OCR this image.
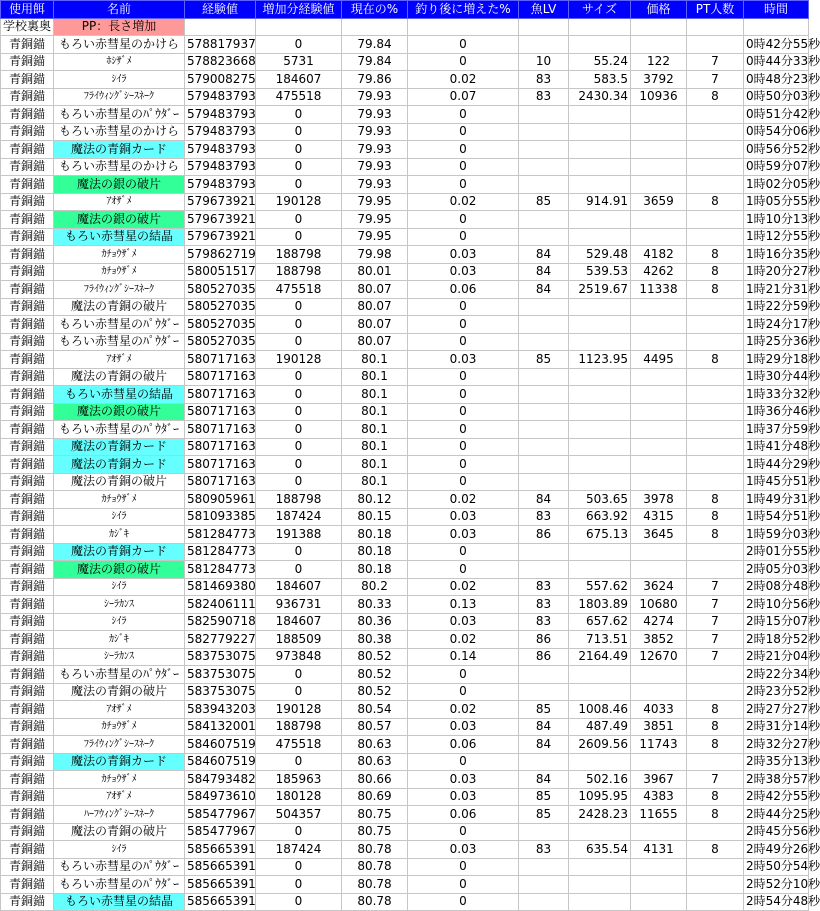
使用餌	名前	経験値	増加分経験値	現在の%	釣り後に増えた%	魚LV	サイズ	価格	PT人数	時間
学校裏奥	PP：長さ増加									
青銅錨	もろい赤彗星のかけら	578817937	0	79.84	0					0時42分55秒
青銅錨	ﾎｼｻﾞﾒ	578823668	5731	79.84	0	10	55.24	122	7	0時44分33秒
青銅錨	ｼｲﾗ	579008275	184607	79.86	0.02	83	583.5	3792	7	0時48分23秒
青銅錨	ﾌﾗｲｳｨﾝｸﾞｼｰｽﾈｰｸ	579483793	475518	79.93	0.07	83	2430.34	10936	8	0時50分03秒
青銅錨	もろい赤彗星のﾊﾟｳﾀﾞｰ	579483793	0	79.93	0					0時51分42秒
青銅錨	もろい赤彗星のかけら	579483793	0	79.93	0					0時54分06秒
青銅錨	魔法の青銅カード	579483793	0	79.93	0					0時56分52秒
青銅錨	もろい赤彗星のかけら	579483793	0	79.93	0					0時59分07秒
青銅錨	魔法の銀の破片	579483793	0	79.93	0					1時02分05秒
青銅錨	ｱｵｻﾞﾒ	579673921	190128	79.95	0.02	85	914.91	3659	8	1時05分55秒
青銅錨	魔法の銀の破片	579673921	0	79.95	0					1時10分13秒
青銅錨	もろい赤彗星の結晶	579673921	0	79.95	0					1時12分55秒
青銅錨	ｶﾁｮｳｻﾞﾒ	579862719	188798	79.98	0.03	84	529.48	4182	8	1時16分35秒
青銅錨	ｶﾁｮｳｻﾞﾒ	580051517	188798	80.01	0.03	84	539.53	4262	8	1時20分27秒
青銅錨	ﾌﾗｲｳｨﾝｸﾞｼｰｽﾈｰｸ	580527035	475518	80.07	0.06	84	2519.67	11338	8	1時21分31秒
青銅錨	魔法の青銅の破片	580527035	0	80.07	0					1時22分59秒
青銅錨	もろい赤彗星のﾊﾟｳﾀﾞｰ	580527035	0	80.07	0					1時24分17秒
青銅錨	もろい赤彗星のﾊﾟｳﾀﾞｰ	580527035	0	80.07	0					1時25分36秒
青銅錨	ｱｵｻﾞﾒ	580717163	190128	80.1	0.03	85	1123.95	4495	8	1時29分18秒
青銅錨	魔法の青銅の破片	580717163	0	80.1	0					1時30分44秒
青銅錨	もろい赤彗星の結晶	580717163	0	80.1	0					1時33分32秒
青銅錨	魔法の銀の破片	580717163	0	80.1	0					1時36分46秒
青銅錨	もろい赤彗星のﾊﾟｳﾀﾞｰ	580717163	0	80.1	0					1時37分59秒
青銅錨	魔法の青銅カード	580717163	0	80.1	0					1時41分48秒
青銅錨	魔法の青銅カード	580717163	0	80.1	0					1時44分29秒
青銅錨	魔法の青銅の破片	580717163	0	80.1	0					1時45分51秒
青銅錨	ｶﾁｮｳｻﾞﾒ	580905961	188798	80.12	0.02	84	503.65	3978	8	1時49分31秒
青銅錨	ｼｲﾗ	581093385	187424	80.15	0.03	83	663.92	4315	8	1時54分51秒
青銅錨	ｶｼﾞｷ	581284773	191388	80.18	0.03	86	675.13	3645	8	1時59分03秒
青銅錨	魔法の青銅カード	581284773	0	80.18	0					2時01分55秒
青銅錨	魔法の銀の破片	581284773	0	80.18	0					2時05分03秒
青銅錨	ｼｲﾗ	581469380	184607	80.2	0.02	83	557.62	3624	7	2時08分48秒
青銅錨	ｼｰﾗｶﾝｽ	582406111	936731	80.33	0.13	83	1803.89	10680	7	2時10分56秒
青銅錨	ｼｲﾗ	582590718	184607	80.36	0.03	83	657.62	4274	7	2時15分07秒
青銅錨	ｶｼﾞｷ	582779227	188509	80.38	0.02	86	713.51	3852	7	2時18分52秒
青銅錨	ｼｰﾗｶﾝｽ	583753075	973848	80.52	0.14	86	2164.49	12670	7	2時21分04秒
青銅錨	もろい赤彗星のﾊﾟｳﾀﾞｰ	583753075	0	80.52	0					2時22分34秒
青銅錨	魔法の青銅の破片	583753075	0	80.52	0					2時23分52秒
青銅錨	ｱｵｻﾞﾒ	583943203	190128	80.54	0.02	85	1008.46	4033	8	2時27分27秒
青銅錨	ｶﾁｮｳｻﾞﾒ	584132001	188798	80.57	0.03	84	487.49	3851	8	2時31分14秒
青銅錨	ﾌﾗｲｳｨﾝｸﾞｼｰｽﾈｰｸ	584607519	475518	80.63	0.06	84	2609.56	11743	8	2時32分27秒
青銅錨	魔法の青銅カード	584607519	0	80.63	0					2時35分13秒
青銅錨	ｶﾁｮｳｻﾞﾒ	584793482	185963	80.66	0.03	84	502.16	3967	7	2時38分57秒
青銅錨	ｱｵｻﾞﾒ	584973610	180128	80.69	0.03	85	1095.95	4383	8	2時42分55秒
青銅錨	ﾊｰﾌｳｨﾝｸﾞｼｰｽﾈｰｸ	585477967	504357	80.75	0.06	85	2428.23	11655	8	2時44分25秒
青銅錨	魔法の青銅の破片	585477967	0	80.75	0					2時45分56秒
青銅錨	ｼｲﾗ	585665391	187424	80.78	0.03	83	635.54	4131	8	2時49分26秒
青銅錨	もろい赤彗星のﾊﾟｳﾀﾞｰ	585665391	0	80.78	0					2時50分54秒
青銅錨	もろい赤彗星のﾊﾟｳﾀﾞｰ	585665391	0	80.78	0					2時52分10秒
青銅錨	もろい赤彗星の結晶	585665391	0	80.78	0					2時54分48秒
